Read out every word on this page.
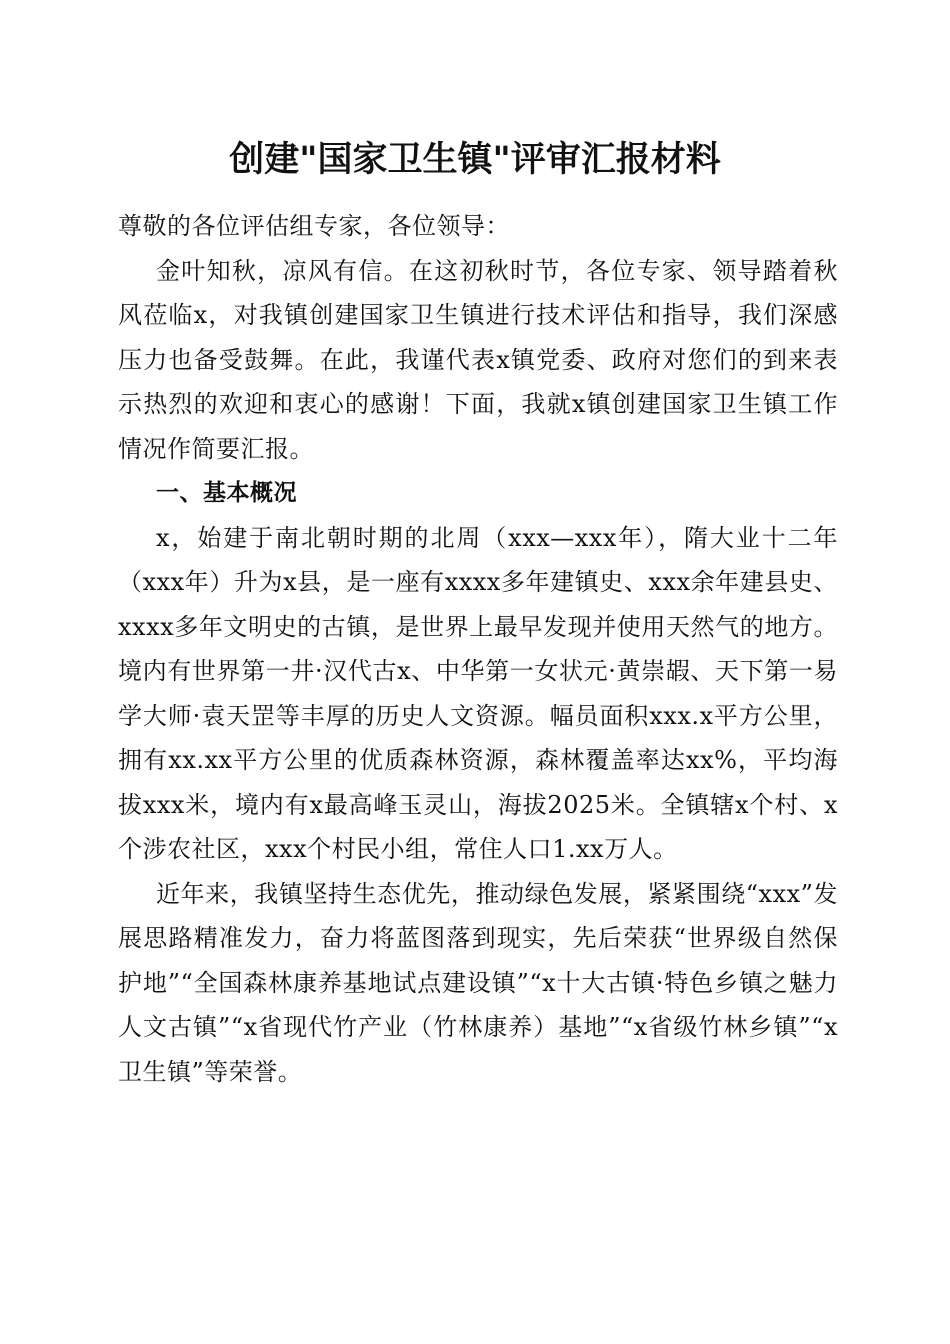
创建"国家卫生镇"评审汇报材料

尊敬的各位评估组专家，各位领导：

金叶知秋，凉风有信。在这初秋时节，各位专家、领导踏着秋风莅临x，对我镇创建国家卫生镇进行技术评估和指导，我们深感压力也备受鼓舞。在此，我谨代表x镇党委、政府对您们的到来表示热烈的欢迎和衷心的感谢！下面，我就x镇创建国家卫生镇工作情况作简要汇报。

一、基本概况

x，始建于南北朝时期的北周（xxx—xxx年），隋大业十二年（xxx年）升为x县，是一座有xxxx多年建镇史、xxx余年建县史、xxxx多年文明史的古镇，是世界上最早发现并使用天然气的地方。境内有世界第一井·汉代古x、中华第一女状元·黄崇嘏、天下第一易学大师·袁天罡等丰厚的历史人文资源。幅员面积xxx.x平方公里，拥有xx.xx平方公里的优质森林资源，森林覆盖率达xx%，平均海拔xxx米，境内有x最高峰玉灵山，海拔2025米。全镇辖x个村、x个涉农社区，xxx个村民小组，常住人口1.xx万人。

近年来，我镇坚持生态优先，推动绿色发展，紧紧围绕“xxx”发展思路精准发力，奋力将蓝图落到现实，先后荣获“世界级自然保护地”“全国森林康养基地试点建设镇”“x十大古镇·特色乡镇之魅力人文古镇”“x省现代竹产业（竹林康养）基地”“x省级竹林乡镇”“x卫生镇”等荣誉。
